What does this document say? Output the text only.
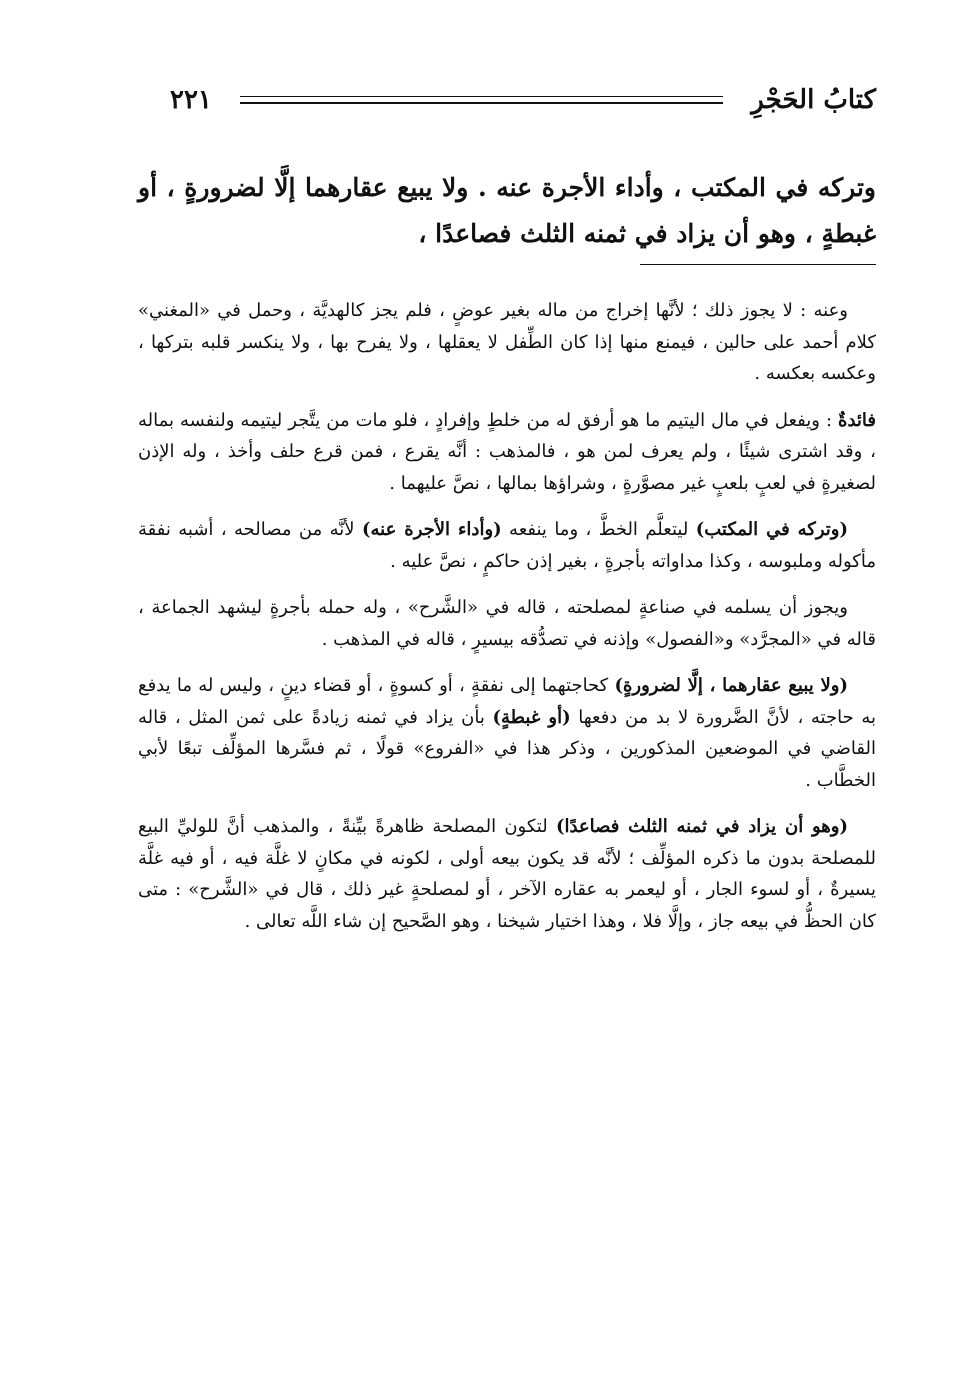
كتابُ الحَجْرِ
٢٢١
وتركه في المكتب ، وأداء الأجرة عنه . ولا يبيع عقارهما إلَّا لضرورةٍ ، أو غبطةٍ ، وهو أن يزاد في ثمنه الثلث فصاعدًا ،

وعنه : لا يجوز ذلك ؛ لأنَّها إخراج من ماله بغير عوضٍ ، فلم يجز كالهديَّة ، وحمل في «المغني» كلام أحمد على حالين ، فيمنع منها إذا كان الطِّفل لا يعقلها ، ولا يفرح بها ، ولا ينكسر قلبه بتركها ، وعكسه بعكسه .

فائدةٌ : ويفعل في مال اليتيم ما هو أرفق له من خلطٍ وإفرادٍ ، فلو مات من يتَّجر ليتيمه ولنفسه بماله ، وقد اشترى شيئًا ، ولم يعرف لمن هو ، فالمذهب : أنَّه يقرع ، فمن قرع حلف وأخذ ، وله الإذن لصغيرةٍ في لعبٍ بلعبٍ غير مصوَّرةٍ ، وشراؤها بمالها ، نصَّ عليهما .

(وتركه في المكتب) ليتعلَّم الخطَّ ، وما ينفعه (وأداء الأجرة عنه) لأنَّه من مصالحه ، أشبه نفقة مأكوله وملبوسه ، وكذا مداواته بأجرةٍ ، بغير إذن حاكمٍ ، نصَّ عليه .

ويجوز أن يسلمه في صناعةٍ لمصلحته ، قاله في «الشَّرح» ، وله حمله بأجرةٍ ليشهد الجماعة ، قاله في «المجرَّد» و«الفصول» وإذنه في تصدُّقه بيسيرٍ ، قاله في المذهب .

(ولا يبيع عقارهما ، إلَّا لضرورةٍ) كحاجتهما إلى نفقةٍ ، أو كسوةٍ ، أو قضاء دينٍ ، وليس له ما يدفع به حاجته ، لأنَّ الضَّرورة لا بد من دفعها (أو غبطةٍ) بأن يزاد في ثمنه زيادةً على ثمن المثل ، قاله القاضي في الموضعين المذكورين ، وذكر هذا في «الفروع» قولًا ، ثم فسَّرها المؤلِّف تبعًا لأبي الخطَّاب .

(وهو أن يزاد في ثمنه الثلث فصاعدًا) لتكون المصلحة ظاهرةً بيِّنةً ، والمذهب أنَّ للوليِّ البيع للمصلحة بدون ما ذكره المؤلِّف ؛ لأنَّه قد يكون بيعه أولى ، لكونه في مكانٍ لا غلَّة فيه ، أو فيه غلَّة يسيرةٌ ، أو لسوء الجار ، أو ليعمر به عقاره الآخر ، أو لمصلحةٍ غير ذلك ، قال في «الشَّرح» : متى كان الحظُّ في بيعه جاز ، وإلَّا فلا ، وهذا اختيار شيخنا ، وهو الصَّحيح إن شاء اللَّه تعالى .
